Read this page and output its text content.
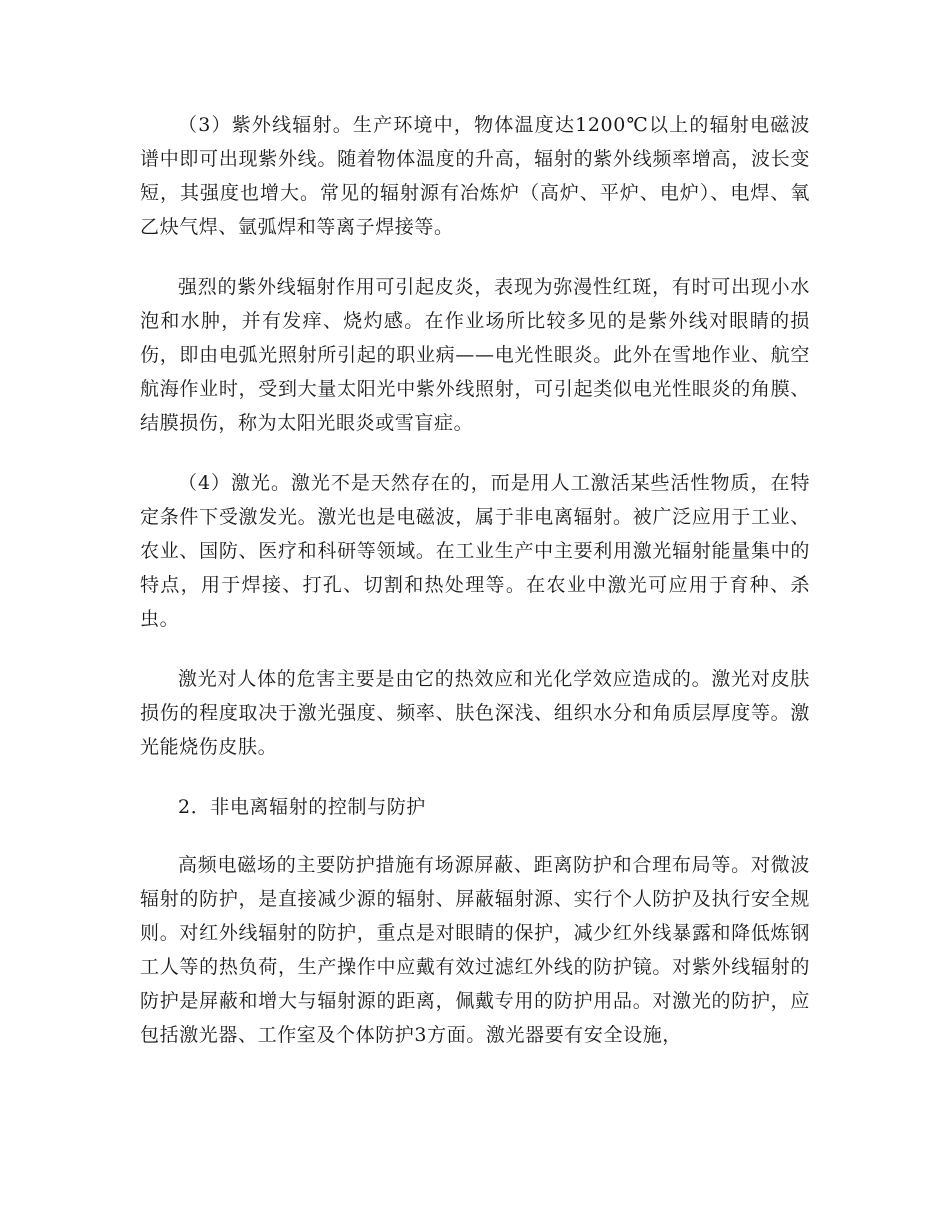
（3）紫外线辐射。生产环境中，物体温度达1200℃以上的辐射电磁波谱中即可出现紫外线。随着物体温度的升高，辐射的紫外线频率增高，波长变短，其强度也增大。常见的辐射源有冶炼炉（高炉、平炉、电炉）、电焊、氧乙炔气焊、氩弧焊和等离子焊接等。

强烈的紫外线辐射作用可引起皮炎，表现为弥漫性红斑，有时可出现小水泡和水肿，并有发痒、烧灼感。在作业场所比较多见的是紫外线对眼睛的损伤，即由电弧光照射所引起的职业病——电光性眼炎。此外在雪地作业、航空航海作业时，受到大量太阳光中紫外线照射，可引起类似电光性眼炎的角膜、结膜损伤，称为太阳光眼炎或雪盲症。

（4）激光。激光不是天然存在的，而是用人工激活某些活性物质，在特定条件下受激发光。激光也是电磁波，属于非电离辐射。被广泛应用于工业、农业、国防、医疗和科研等领域。在工业生产中主要利用激光辐射能量集中的特点，用于焊接、打孔、切割和热处理等。在农业中激光可应用于育种、杀虫。

激光对人体的危害主要是由它的热效应和光化学效应造成的。激光对皮肤损伤的程度取决于激光强度、频率、肤色深浅、组织水分和角质层厚度等。激光能烧伤皮肤。

2．非电离辐射的控制与防护

高频电磁场的主要防护措施有场源屏蔽、距离防护和合理布局等。对微波辐射的防护，是直接减少源的辐射、屏蔽辐射源、实行个人防护及执行安全规则。对红外线辐射的防护，重点是对眼睛的保护，减少红外线暴露和降低炼钢工人等的热负荷，生产操作中应戴有效过滤红外线的防护镜。对紫外线辐射的防护是屏蔽和增大与辐射源的距离，佩戴专用的防护用品。对激光的防护，应包括激光器、工作室及个体防护3方面。激光器要有安全设施，
